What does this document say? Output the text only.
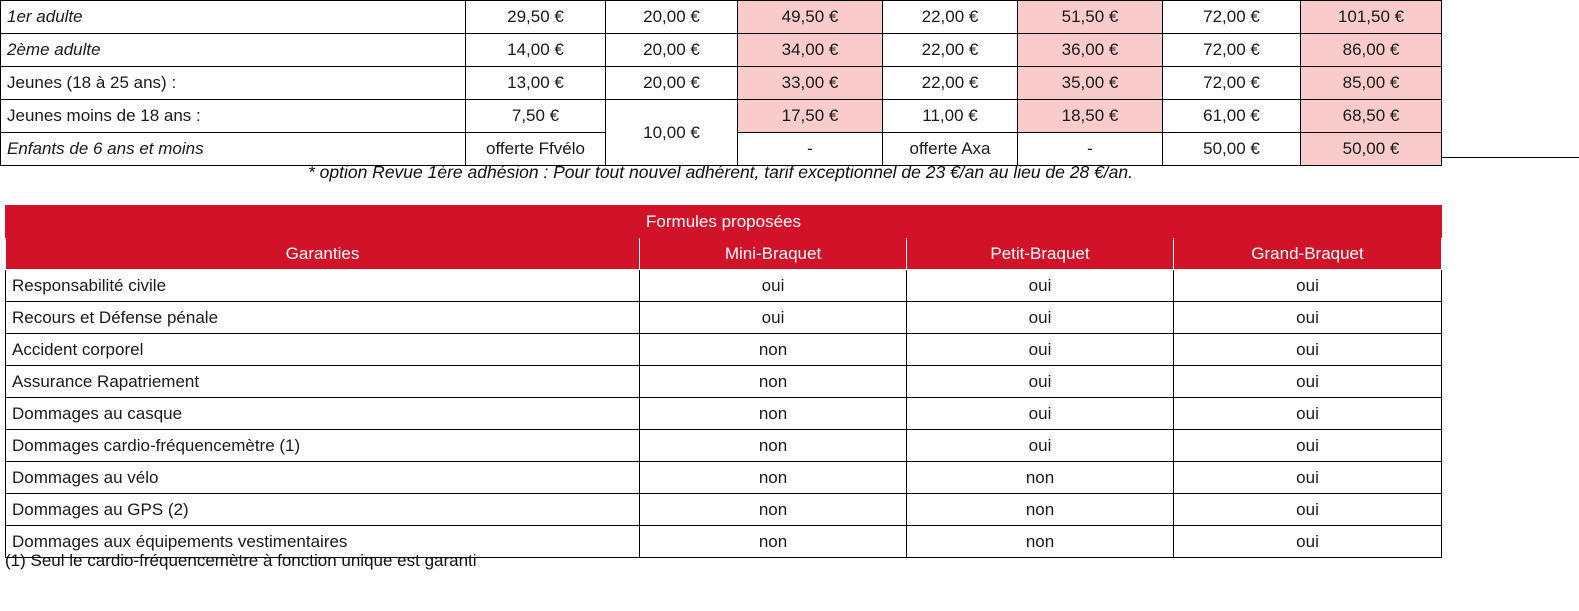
1er adulte	29,50 €	20,00 €	49,50 €	22,00 €	51,50 €	72,00 €	101,50 €
2ème adulte	14,00 €	20,00 €	34,00 €	22,00 €	36,00 €	72,00 €	86,00 €
Jeunes (18 à 25 ans) :	13,00 €	20,00 €	33,00 €	22,00 €	35,00 €	72,00 €	85,00 €
Jeunes moins de 18 ans :	7,50 €	10,00 €	17,50 €	11,00 €	18,50 €	61,00 €	68,50 €
Enfants de 6 ans et moins	offerte Ffvélo		-	offerte Axa	-	50,00 €	50,00 €
* option Revue 1ère adhésion : Pour tout nouvel adhérent, tarif exceptionnel de 23 €/an au lieu de 28 €/an.
Formules proposées			
Garanties	Mini-Braquet	Petit-Braquet	Grand-Braquet
Responsabilité civile	oui	oui	oui
Recours et Défense pénale	oui	oui	oui
Accident corporel	non	oui	oui
Assurance Rapatriement	non	oui	oui
Dommages au casque	non	oui	oui
Dommages cardio-fréquencemètre (1)	non	oui	oui
Dommages au vélo	non	non	oui
Dommages au GPS (2)	non	non	oui
Dommages aux équipements vestimentaires	non	non	oui
(1) Seul le cardio-fréquencemètre à fonction unique est garanti
